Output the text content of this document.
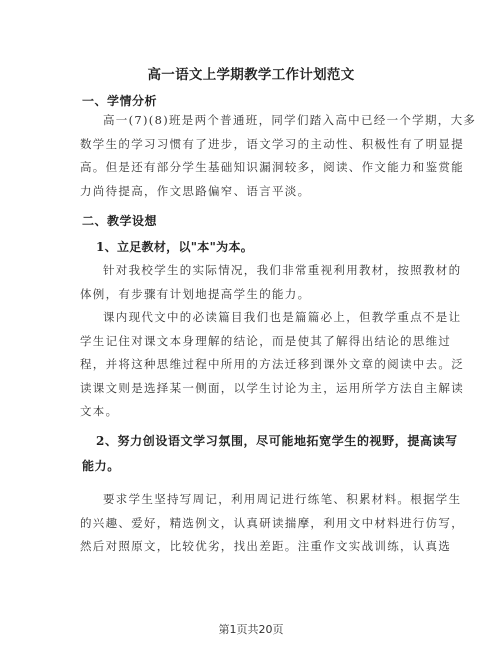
高一语文上学期教学工作计划范文
一、学情分析
高一(7)(8)班是两个普通班，同学们踏入高中已经一个学期，大多
数学生的学习习惯有了进步，语文学习的主动性、积极性有了明显提
高。但是还有部分学生基础知识漏洞较多，阅读、作文能力和鉴赏能
力尚待提高，作文思路偏窄、语言平淡。
二、教学设想
1、立足教材，以"本"为本。
针对我校学生的实际情况，我们非常重视利用教材，按照教材的
体例，有步骤有计划地提高学生的能力。
课内现代文中的必读篇目我们也是篇篇必上，但教学重点不是让
学生记住对课文本身理解的结论，而是使其了解得出结论的思维过
程，并将这种思维过程中所用的方法迁移到课外文章的阅读中去。泛
读课文则是选择某一侧面，以学生讨论为主，运用所学方法自主解读
文本。
2、努力创设语文学习氛围，尽可能地拓宽学生的视野，提高读写
能力。
要求学生坚持写周记，利用周记进行练笔、积累材料。根据学生
的兴趣、爱好，精选例文，认真研读揣摩，利用文中材料进行仿写，
然后对照原文，比较优劣，找出差距。注重作文实战训练，认真选
第1页共20页
